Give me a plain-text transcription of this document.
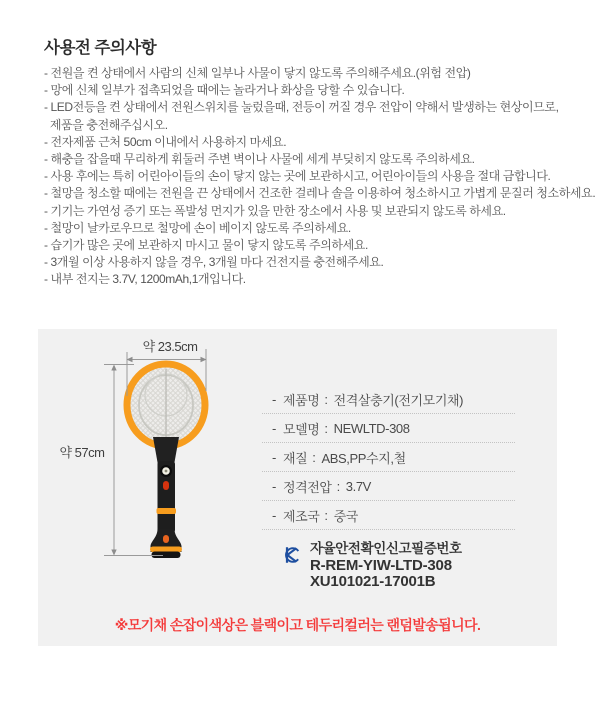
사용전 주의사항
- 전원을 켠 상태에서 사람의 신체 일부나 사물이 닿지 않도록 주의해주세요.(위험 전압)
- 망에 신체 일부가 접촉되었을 때에는 놀라거나 화상을 당할 수 있습니다.
- LED전등을 켠 상태에서 전원스위치를 눌렀을때, 전등이 꺼질 경우 전압이 약해서 발생하는 현상이므로,
제품을 충전해주십시오.
- 전자제품 근처 50cm 이내에서 사용하지 마세요.
- 해충을 잡을때 무리하게 휘둘러 주변 벽이나 사물에 세게 부딪히지 않도록 주의하세요.
- 사용 후에는 특히 어린아이들의 손이 닿지 않는 곳에 보관하시고, 어린아이들의 사용을 절대 금합니다.
- 철망을 청소할 때에는 전원을 끈 상태에서 건조한 걸레나 솔을 이용하여 청소하시고 가볍게 문질러 청소하세요.
- 기기는 가연성 증기 또는 폭발성 먼지가 있을 만한 장소에서 사용 및 보관되지 않도록 하세요.
- 철망이 날카로우므로 철망에 손이 베이지 않도록 주의하세요.
- 습기가 많은 곳에 보관하지 마시고 물이 닿지 않도록 주의하세요.
- 3개월 이상 사용하지 않을 경우, 3개월 마다 건전지를 충전해주세요.
- 내부 전지는 3.7V, 1200mAh,1개입니다.
약 23.5cm
약 57cm
- 제품명 : 전격살충기(전기모기채)
- 모델명 : NEWLTD-308
- 재질 : ABS,PP수지,철
- 정격전압 : 3.7V
- 제조국 : 중국
자율안전확인신고필증번호
R-REM-YIW-LTD-308
XU101021-17001B
※모기채 손잡이색상은 블랙이고 테두리컬러는 랜덤발송됩니다.
